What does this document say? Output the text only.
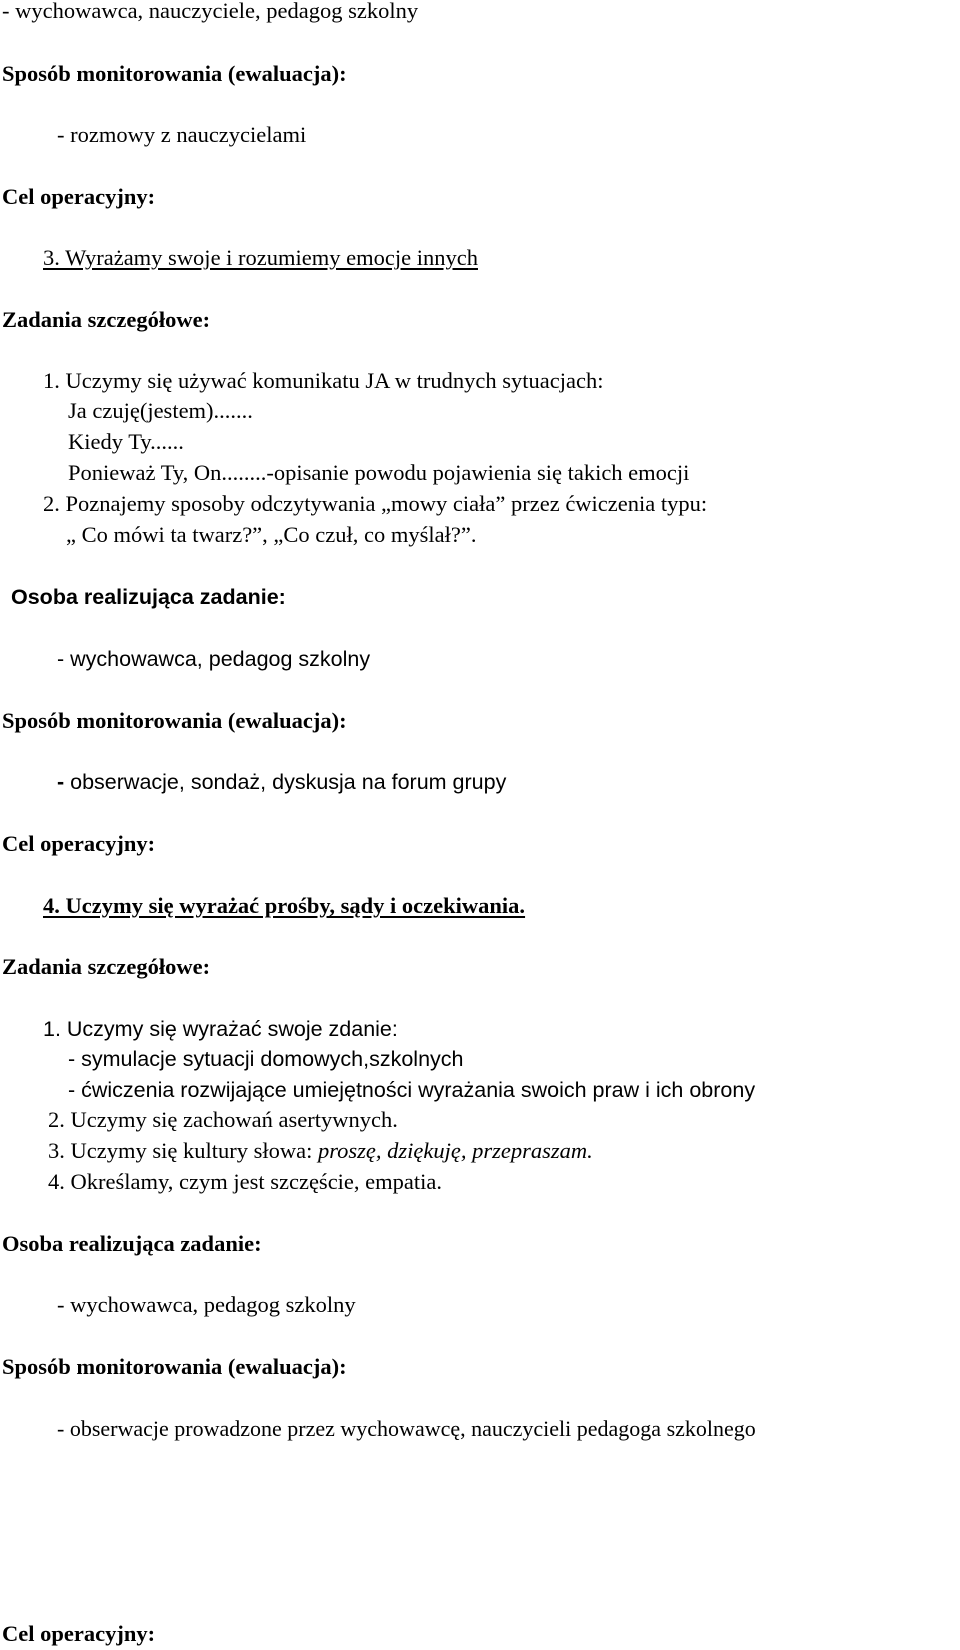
- wychowawca, nauczyciele, pedagog szkolny
Sposób monitorowania (ewaluacja):
- rozmowy z nauczycielami
Cel operacyjny:
3. Wyrażamy swoje i rozumiemy emocje innych
Zadania szczegółowe:
1. Uczymy się używać komunikatu JA w trudnych sytuacjach:
Ja czuję(jestem).......
Kiedy Ty......
Ponieważ Ty, On........-opisanie powodu pojawienia się takich emocji
2. Poznajemy sposoby odczytywania „mowy ciała” przez ćwiczenia typu:
„ Co mówi ta twarz?”, „Co czuł, co myślał?”.
Osoba realizująca zadanie:
- wychowawca, pedagog szkolny
Sposób monitorowania (ewaluacja):
- obserwacje, sondaż, dyskusja na forum grupy
Cel operacyjny:
4. Uczymy się wyrażać prośby, sądy i oczekiwania.
Zadania szczegółowe:
1. Uczymy się wyrażać swoje zdanie:
- symulacje sytuacji domowych,szkolnych
- ćwiczenia rozwijające umiejętności wyrażania swoich praw i ich obrony
2. Uczymy się zachowań asertywnych.
3. Uczymy się kultury słowa: proszę, dziękuję, przepraszam.
4. Określamy, czym jest szczęście, empatia.
Osoba realizująca zadanie:
- wychowawca, pedagog szkolny
Sposób monitorowania (ewaluacja):
- obserwacje prowadzone przez wychowawcę, nauczycieli pedagoga szkolnego
Cel operacyjny:
